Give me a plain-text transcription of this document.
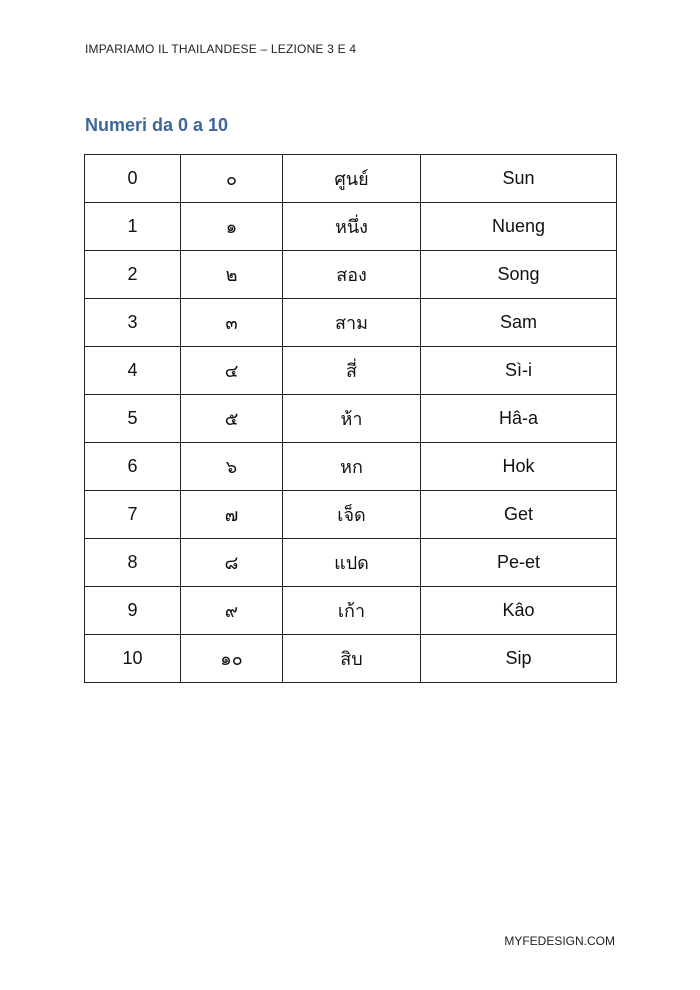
IMPARIAMO IL THAILANDESE – LEZIONE 3 E 4
Numeri da 0 a 10
0	๐	ศูนย์	Sun
1	๑	หนึ่ง	Nueng
2	๒	สอง	Song
3	๓	สาม	Sam
4	๔	สี่	Sì-i
5	๕	ห้า	Hâ-a
6	๖	หก	Hok
7	๗	เจ็ด	Get
8	๘	แปด	Pe-et
9	๙	เก้า	Kâo
10	๑๐	สิบ	Sip
MYFEDESIGN.COM
